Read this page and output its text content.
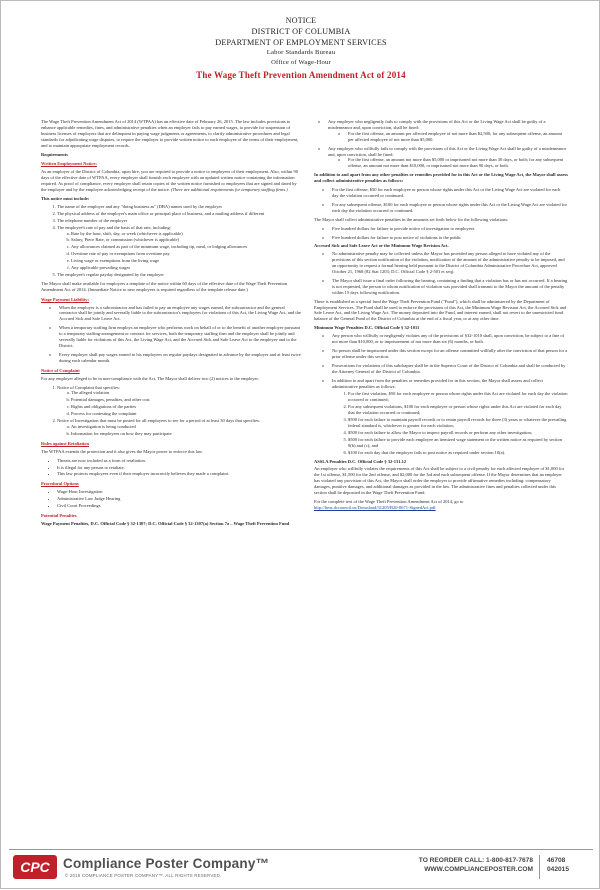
NOTICE
DISTRICT OF COLUMBIA
DEPARTMENT OF EMPLOYMENT SERVICES
Labor Standards Bureau
Office of Wage-Hour
The Wage Theft Prevention Amendment Act of 2014

The Wage Theft Prevention Amendment Act of 2014 (WTPAA) has an effective date of February 26, 2015. The law includes provisions to enhance applicable remedies, fines, and administrative penalties when an employer fails to pay earned wages, to provide for suspension of business licenses of employers that are delinquent in paying wage judgments or agreements, to clarify administrative procedures and legal standards for adjudicating wage disputes, to require the employer to provide written notice to each employee of the terms of their employment, and to maintain appropriate employment records.

Requirements
Written Employment Notice:

As an employer of the District of Columbia, upon hire, you are required to provide a notice to employees of their employment. Also, within 90 days of the effective date of WTPAA, every employer shall furnish each employee with an updated written notice containing the information required. As proof of compliance, every employer shall retain copies of the written notice furnished to employees that are signed and dated by the employer and by the employee acknowledging receipt of the notice. (There are additional requirements for temporary staffing firms.)

This notice must include:
1. The name of the employer and any "doing business as" (DBA) names used by the employer
2. The physical address of the employer's main office or principal place of business, and a mailing address if different
3. The telephone number of the employer
4. The employee's rate of pay and the basis of that rate, including:
a. Rate by the hour, shift, day, or week (whichever is applicable)
b. Salary, Piece Rate, or commission (whichever is applicable)
c. Any allowances claimed as part of the minimum wage, including tip, meal, or lodging allowances
d. Overtime rate of pay or exemptions from overtime pay
e. Living wage or exemptions from the living wage
f. Any applicable prevailing wages
5. The employee's regular payday designated by the employer

The Mayor shall make available for employers a template of the notice within 60 days of the effective date of the Wage Theft Prevention Amendment Act of 2014. (Immediate Notice to new employees is required regardless of the template release date.)

Wage Payment Liability:
o When the employer is a subcontractor and has failed to pay an employee any wages earned, the subcontractor and the general contractor shall be jointly and severally liable to the subcontractor's employees for violations of this Act, the Living Wage Act, and the Accrued Sick and Safe Leave Act.
o When a temporary staffing firm employs an employee who performs work on behalf of or to the benefit of another employer pursuant to a temporary staffing-arrangement or contract for services, both the temporary staffing firm and the employer shall be jointly and severally liable for violations of this Act, the Living Wage Act, and the Accrued Sick and Safe Leave Act to the employee and to the District.
o Every employer shall pay wages earned to his employees on regular paydays designated in advance by the employer and at least twice during each calendar month.
Notice of Complaint

For any employer alleged to be in non-compliance with the Act, The Mayor shall deliver two (2) notices to the employer.

1. Notice of Complaint that specifies:
a. The alleged violation
b. Potential damages, penalties, and other cost
c. Rights and obligations of the parties
d. Process for contesting the complaint
2. Notice of Investigation that must be posted for all employees to see for a period of at least 30 days that specifies:
a. An investigation is being conducted
b. Information for employees on how they may participate
Rules against Retaliation

The WTPAA extends the protection and it also gives the Mayor power to enforce this law.

• Threats are now included as a form of retaliation.
• It is illegal for any person to retaliate.
• This law protects employees even if their employer incorrectly believes they made a complaint.
Procedural Options
• Wage-Hour Investigation
• Administrative Law Judge Hearing
• Civil Court Proceedings
Potential Penalties

Wage Payment Penalties, D.C. Official Code § 32-1307; D.C. Official Code § 32-1307(a) Section 7a – Wage Theft Prevention Fund

o Any employer who negligently fails to comply with the provisions of this Act or the Living Wage Act shall be guilty of a misdemeanor and, upon conviction, shall be fined:
o For the first offense, an amount per affected employee of not more than $2,500; for any subsequent offense, an amount per affected employee of not more than $5,000.
o Any employer who willfully fails to comply with the provisions of this Act or the Living Wage Act shall be guilty of a misdemeanor and, upon conviction, shall be fined:
o For the first offense, an amount not more than $5,000 or imprisoned not more than 30 days, or both; for any subsequent offense, an amount not more than $10,000, or imprisoned not more than 90 days, or both.

In addition to and apart from any other penalties or remedies provided for in this Act or the Living Wage Act, the Mayor shall assess and collect administrative penalties as follows:

o For the first offense, $50 for each employee or person whose rights under this Act or the Living Wage Act are violated for each day the violation occurred or continued.
o For any subsequent offense, $100 for each employee or person whose rights under this Act or the Living Wage Act are violated for each day the violation occurred or continued.

The Mayor shall collect administrative penalties in the amounts set forth below for the following violations:

o Five hundred dollars for failure to provide notice of investigation to employees
o Five hundred dollars for failure to post notice of violations to the public
Accrued Sick and Safe Leave Act or the Minimum Wage Revision Act.
o No administrative penalty may be collected unless the Mayor has provided any person alleged to have violated any of the provisions of this section notification of the violation, notification of the amount of the administrative penalty to be imposed, and an opportunity to request a formal hearing held pursuant to the District of Columbia Administrative Procedure Act, approved October 21, 1968 (82 Stat 1203; D.C. Official Code § 2-501 et seq).
o The Mayor shall issue a final order following the hearing, containing a finding that a violation has or has not occurred. If a hearing is not requested, the person to whom notification of violation was provided shall transmit to the Mayor the amount of the penalty within 15 days following notification.

There is established as a special fund the Wage Theft Prevention Fund ("Fund"), which shall be administered by the Department of Employment Services. The Fund shall be used to enforce the provisions of this Act, the Minimum Wage Revision Act, the Accrued Sick and Safe Leave Act, and the Living Wage Act. The money deposited into the Fund, and interest earned, shall not revert to the unrestricted fund balance of the General Fund of the District of Columbia at the end of a fiscal year, or at any other time.

Minimum Wage Penalties D.C. Official Code § 32-1011
o Any person who willfully or negligently violates any of the provisions of §32-1010 shall, upon conviction, be subject to a fine of not more than $10,000, or to imprisonment of not more than six (6) months, or both.
o No person shall be imprisoned under this section except for an offense committed willfully after the conviction of that person for a prior offense under this section.
o Prosecutions for violations of this subchapter shall be in the Superior Court of the District of Columbia and shall be conducted by the Attorney General of the District of Columbia.
o In addition to and apart from the penalties or remedies provided for in this section, the Mayor shall assess and collect administrative penalties as follows:
1. For the first violation, $50 for each employee or person whose rights under this Act are violated for each day the violation occurred or continued;
2. For any subsequent violations, $100 for each employee or person whose rights under this Act are violated for each day that the violation occurred or continued;
3. $500 for each failure to maintain payroll records or to retain payroll records for three (3) years or whatever the prevailing federal standard is, whichever is greater for each violation;
4. $500 for each failure to allow the Mayor to inspect payroll records or perform any other investigation;
5. $500 for each failure to provide each employee an itemized wage statement or the written notice as required by section 9(b) and (c); and
6. $100 for each day that the employer fails to post notice as required under section 10(a).
ASSLA Penalties D.C. Official Code § 32-131.12

An employer who willfully violates the requirements of this Act shall be subject to a civil penalty for each affected employee of $1,000 for the 1st offense, $1,500 for the 2nd offense, and $2,000 for the 3rd and each subsequent offense. If the Mayor determines that an employer has violated any provision of this Act, the Mayor shall order the employer to provide affirmative remedies including: compensatory damages, punitive damages, and additional damages as provided in the law. The administrative fines and penalties collected under this section shall be deposited in the Wage Theft Prevention Fund.

For the complete text of the Wage Theft Prevention Amendment Act of 2014, go to
http://lims.dccouncil.us/Download/31205/B20-0671-SignedAct.pdf

CPC Compliance Poster Company™
© 2015 COMPLIANCE POSTER COMPANY™. ALL RIGHTS RESERVED.
TO REORDER CALL: 1-800-817-7678
WWW.COMPLIANCEPOSTER.COM
46708
042015
